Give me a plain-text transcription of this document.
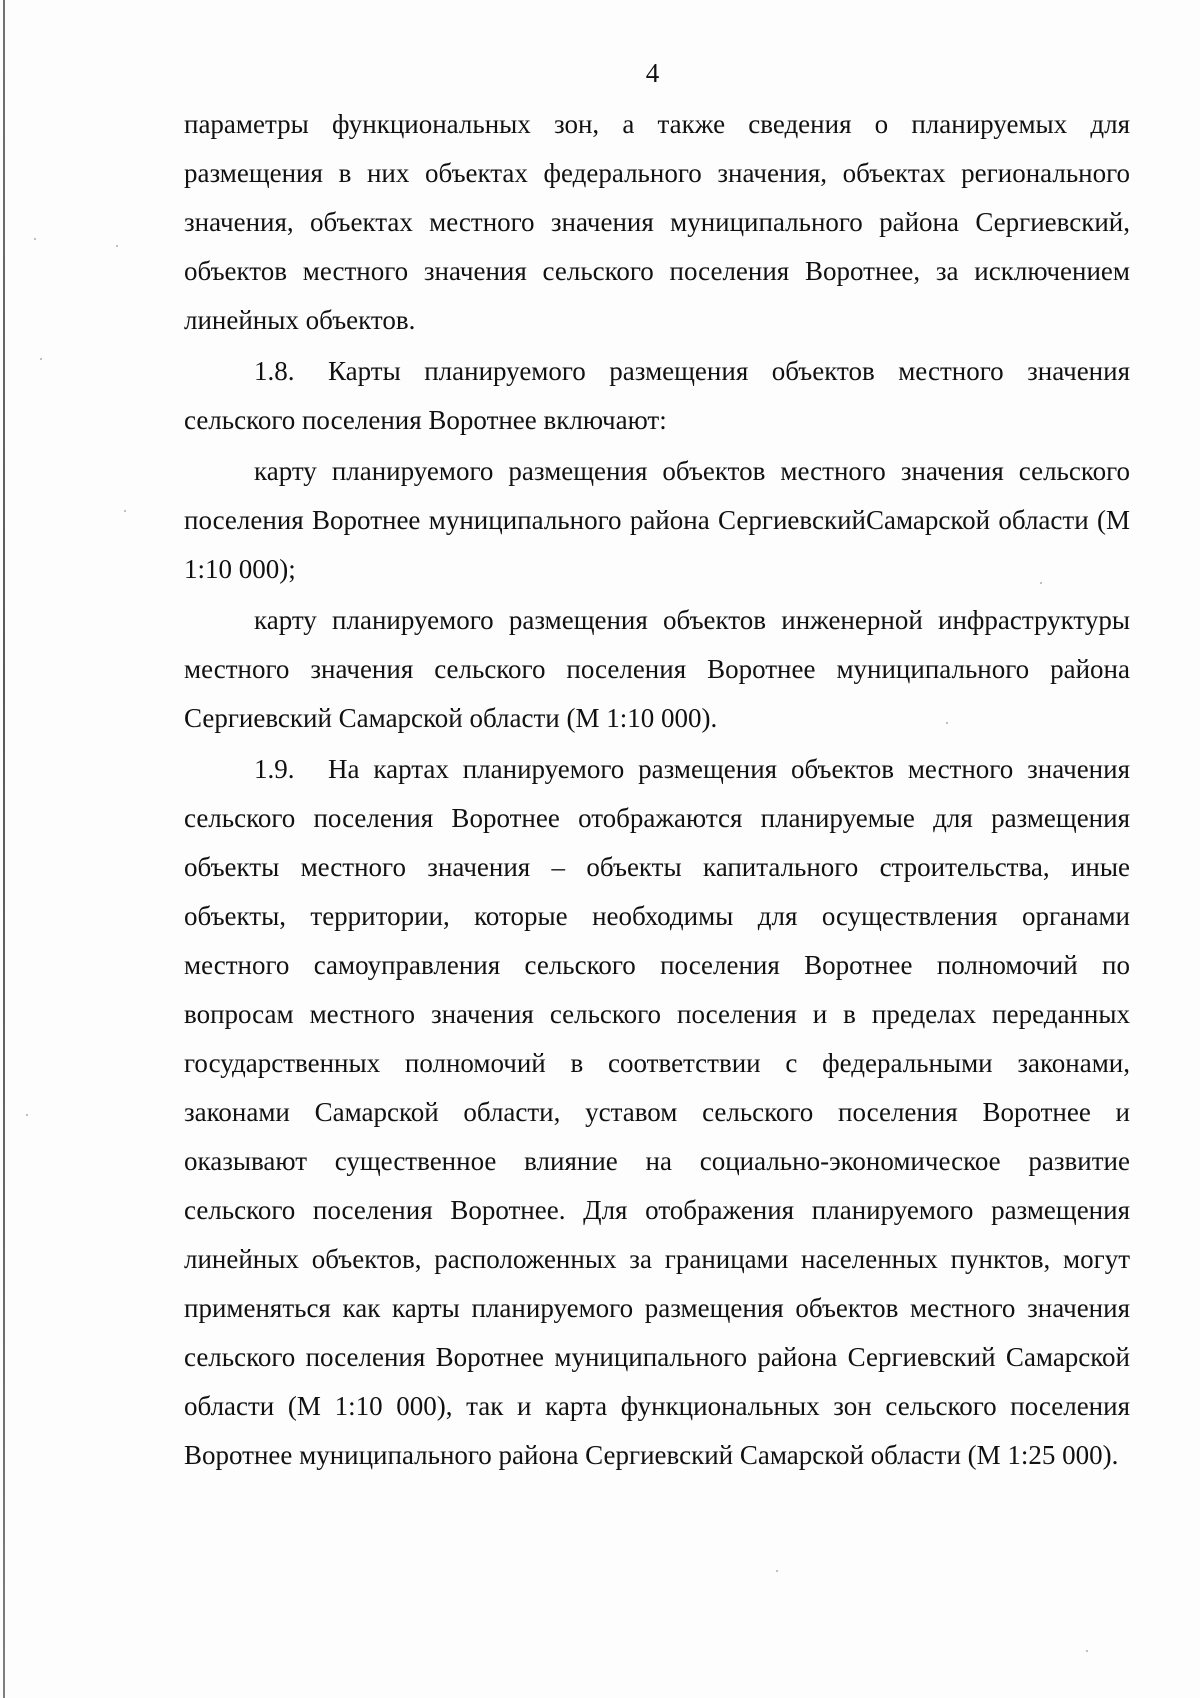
4

параметры функциональных зон, а также сведения о планируемых для размещения в них объектах федерального значения, объектах регионального значения, объектах местного значения муниципального района Сергиевский, объектов местного значения сельского поселения Воротнее, за исключением линейных объектов.

1.8. Карты планируемого размещения объектов местного значения сельского поселения Воротнее включают:

карту планируемого размещения объектов местного значения сельского поселения Воротнее муниципального района СергиевскийСамарской области (М 1:10 000);

карту планируемого размещения объектов инженерной инфраструктуры местного значения сельского поселения Воротнее муниципального района Сергиевский Самарской области (М 1:10 000).

1.9. На картах планируемого размещения объектов местного значения сельского поселения Воротнее отображаются планируемые для размещения объекты местного значения – объекты капитального строительства, иные объекты, территории, которые необходимы для осуществления органами местного самоуправления сельского поселения Воротнее полномочий по вопросам местного значения сельского поселения и в пределах переданных государственных полномочий в соответствии с федеральными законами, законами Самарской области, уставом сельского поселения Воротнее и оказывают существенное влияние на социально-экономическое развитие сельского поселения Воротнее. Для отображения планируемого размещения линейных объектов, расположенных за границами населенных пунктов, могут применяться как карты планируемого размещения объектов местного значения сельского поселения Воротнее муниципального района Сергиевский Самарской области (М 1:10 000), так и карта функциональных зон сельского поселения Воротнее муниципального района Сергиевский Самарской области (М 1:25 000).
